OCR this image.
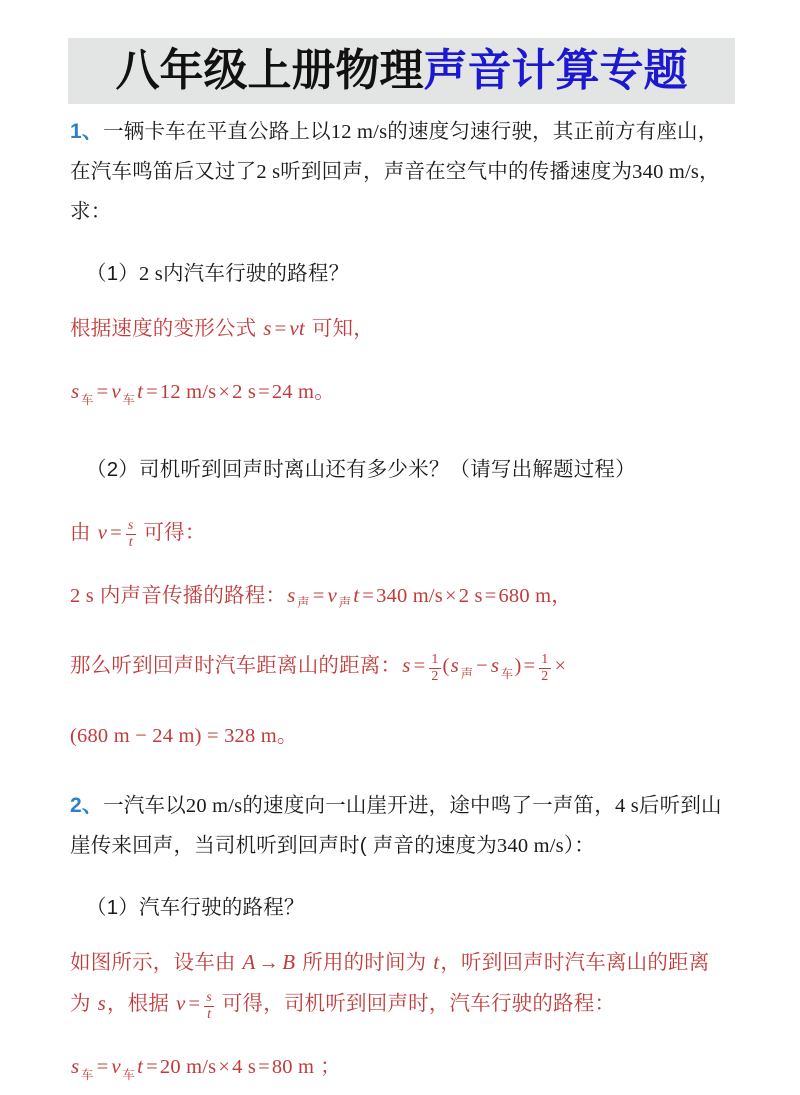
八年级上册物理声音计算专题

1、一辆卡车在平直公路上以12 m/s的速度匀速行驶，其正前方有座山，在汽车鸣笛后又过了2 s听到回声，声音在空气中的传播速度为340 m/s，求：

（1）2 s内汽车行驶的路程？

根据速度的变形公式 s = vt 可知，

s 车 = v 车t =12 m/s×2 s=24 m。

（2）司机听到回声时离山还有多少米？（请写出解题过程）

由 $v = \frac{s}{t}$ 可得：

2 s 内声音传播的路程：s 声 = v 声t =340 m/s×2 s=680 m，

那么听到回声时汽车距离山的距离：$s = \frac{1}{2} (s$ 声 − s 车)= $\frac{1}{2}$ ×

(680 m − 24 m) = 328 m。

2、一汽车以20 m/s的速度向一山崖开进，途中鸣了一声笛，4 s后听到山崖传来回声，当司机听到回声时( 声音的速度为340 m/s）：

（1）汽车行驶的路程？

如图所示，设车由 A → B 所用的时间为 t，听到回声时汽车离山的距离为 s，根据 $v = \frac{s}{t}$ 可得，司机听到回声时，汽车行驶的路程：

s 车 = v 车t =20 m/s×4 s=80 m ；
